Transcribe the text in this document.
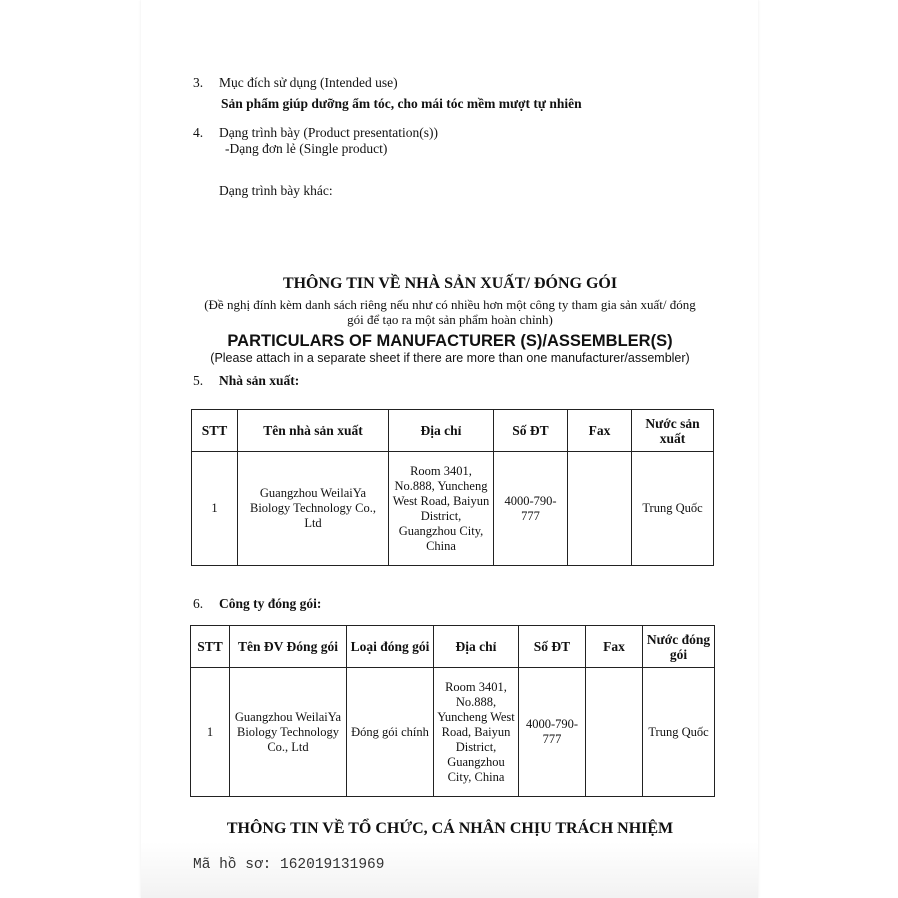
3. Mục đích sử dụng (Intended use)
Sản phẩm giúp dưỡng ẩm tóc, cho mái tóc mềm mượt tự nhiên
4. Dạng trình bày (Product presentation(s))
-Dạng đơn lẻ (Single product)
Dạng trình bày khác:
THÔNG TIN VỀ NHÀ SẢN XUẤT/ ĐÓNG GÓI
(Đề nghị đính kèm danh sách riêng nếu như có nhiều hơn một công ty tham gia sản xuất/ đóng
gói để tạo ra một sản phẩm hoàn chỉnh)
PARTICULARS OF MANUFACTURER (S)/ASSEMBLER(S)
(Please attach in a separate sheet if there are more than one manufacturer/assembler)
5. Nhà sản xuất:
STT	Tên nhà sản xuất	Địa chỉ	Số ĐT	Fax	Nước sản xuất
1	Guangzhou WeilaiYa Biology Technology Co., Ltd	Room 3401, No.888, Yuncheng West Road, Baiyun District, Guangzhou City, China	4000-790-777		Trung Quốc
6. Công ty đóng gói:
STT	Tên ĐV Đóng gói	Loại đóng gói	Địa chỉ	Số ĐT	Fax	Nước đóng gói
1	Guangzhou WeilaiYa Biology Technology Co., Ltd	Đóng gói chính	Room 3401, No.888, Yuncheng West Road, Baiyun District, Guangzhou City, China	4000-790-777		Trung Quốc
THÔNG TIN VỀ TỔ CHỨC, CÁ NHÂN CHỊU TRÁCH NHIỆM
Mã hồ sơ: 162019131969
